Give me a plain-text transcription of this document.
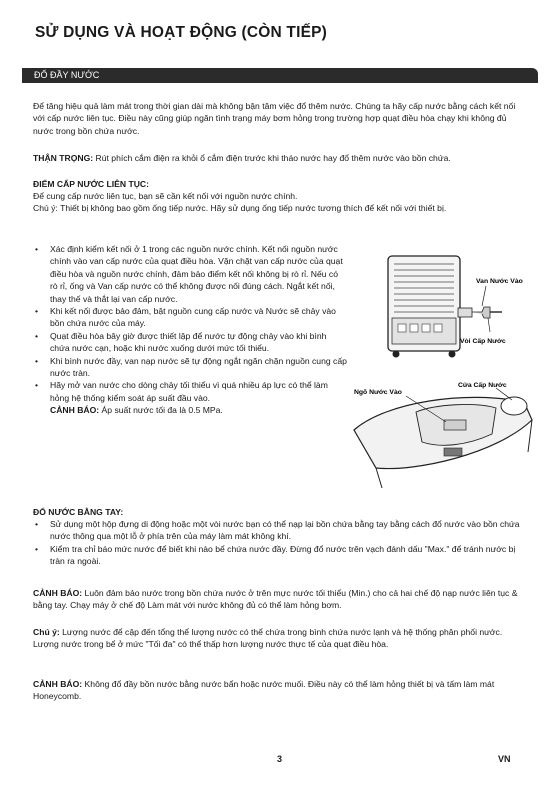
SỬ DỤNG VÀ HOẠT ĐỘNG (CÒN TIẾP)
ĐỔ ĐẦY NƯỚC
Để tăng hiệu quả làm mát trong thời gian dài mà không bận tâm việc đổ thêm nước. Chúng ta hãy cấp nước bằng cách kết nối với cấp nước liên tục. Điều này cũng giúp ngăn tình trạng máy bơm hỏng trong trường hợp quạt điều hòa chạy khi không đủ nước trong bồn chứa nước.
THẬN TRỌNG: Rút phích cắm điện ra khỏi ổ cắm điện trước khi tháo nước hay đổ thêm nước vào bồn chứa.
ĐIỂM CẤP NƯỚC LIÊN TỤC:
Để cung cấp nước liên tục, bạn sẽ cần kết nối với nguồn nước chính.
Chú ý: Thiết bị không bao gồm ống tiếp nước. Hãy sử dụng ống tiếp nước tương thích để kết nối với thiết bị.
• Xác định kiểm kết nối ở 1 trong các nguồn nước chính. Kết nối nguồn nước chính vào van cấp nước của quạt điều hòa. Vặn chặt van cấp nước của quạt điều hòa và nguồn nước chính, đảm bảo điểm kết nối không bị rò rỉ. Nếu có rò rỉ, ống và Van cấp nước có thể không được nối đúng cách. Ngắt kết nối, thay thế và thắt lại van cấp nước.
• Khi kết nối được bảo đảm, bật nguồn cung cấp nước và Nước sẽ chảy vào bồn chứa nước của máy.
• Quạt điều hòa bây giờ được thiết lập để nước tự động chảy vào khi bình chứa nước cạn, hoặc khi nước xuống dưới mức tối thiểu.
• Khi bình nước đầy, van nạp nước sẽ tự động ngắt ngăn chặn nguồn cung cấp nước tràn.
• Hãy mở van nước cho dòng chảy tối thiểu vì quá nhiều áp lực có thể làm hỏng hệ thống kiểm soát áp suất đầu vào.
CẢNH BÁO: Áp suất nước tối đa là 0.5 MPa.
Van Nước Vào
Vòi Cấp Nước
Ngõ Nước Vào
Cửa Cấp Nước
ĐỔ NƯỚC BẰNG TAY:
• Sử dụng một hộp đựng di động hoặc một vòi nước bạn có thể nạp lại bồn chứa bằng tay bằng cách đổ nước vào bồn chứa nước thông qua một lỗ ở phía trên của máy làm mát không khí.
• Kiểm tra chỉ báo mức nước để biết khi nào bể chứa nước đầy. Đừng đổ nước trên vạch đánh dấu "Max." để tránh nước bị tràn ra ngoài.
CẢNH BÁO: Luôn đảm bảo nước trong bồn chứa nước ở trên mực nước tối thiểu (Min.) cho cả hai chế độ nạp nước liên tục & bằng tay. Chạy máy ở chế độ Làm mát với nước không đủ có thể làm hỏng bơm.
Chú ý: Lượng nước để cập đến tổng thể lượng nước có thể chứa trong bình chứa nước lạnh và hệ thống phân phối nước. Lượng nước trong bể ở mức "Tối đa" có thể thấp hơn lượng nước thực tế của quạt điều hòa.
CẢNH BÁO: Không đổ đầy bồn nước bằng nước bẩn hoặc nước muối. Điều này có thể làm hỏng thiết bị và tấm làm mát Honeycomb.
3	VN
